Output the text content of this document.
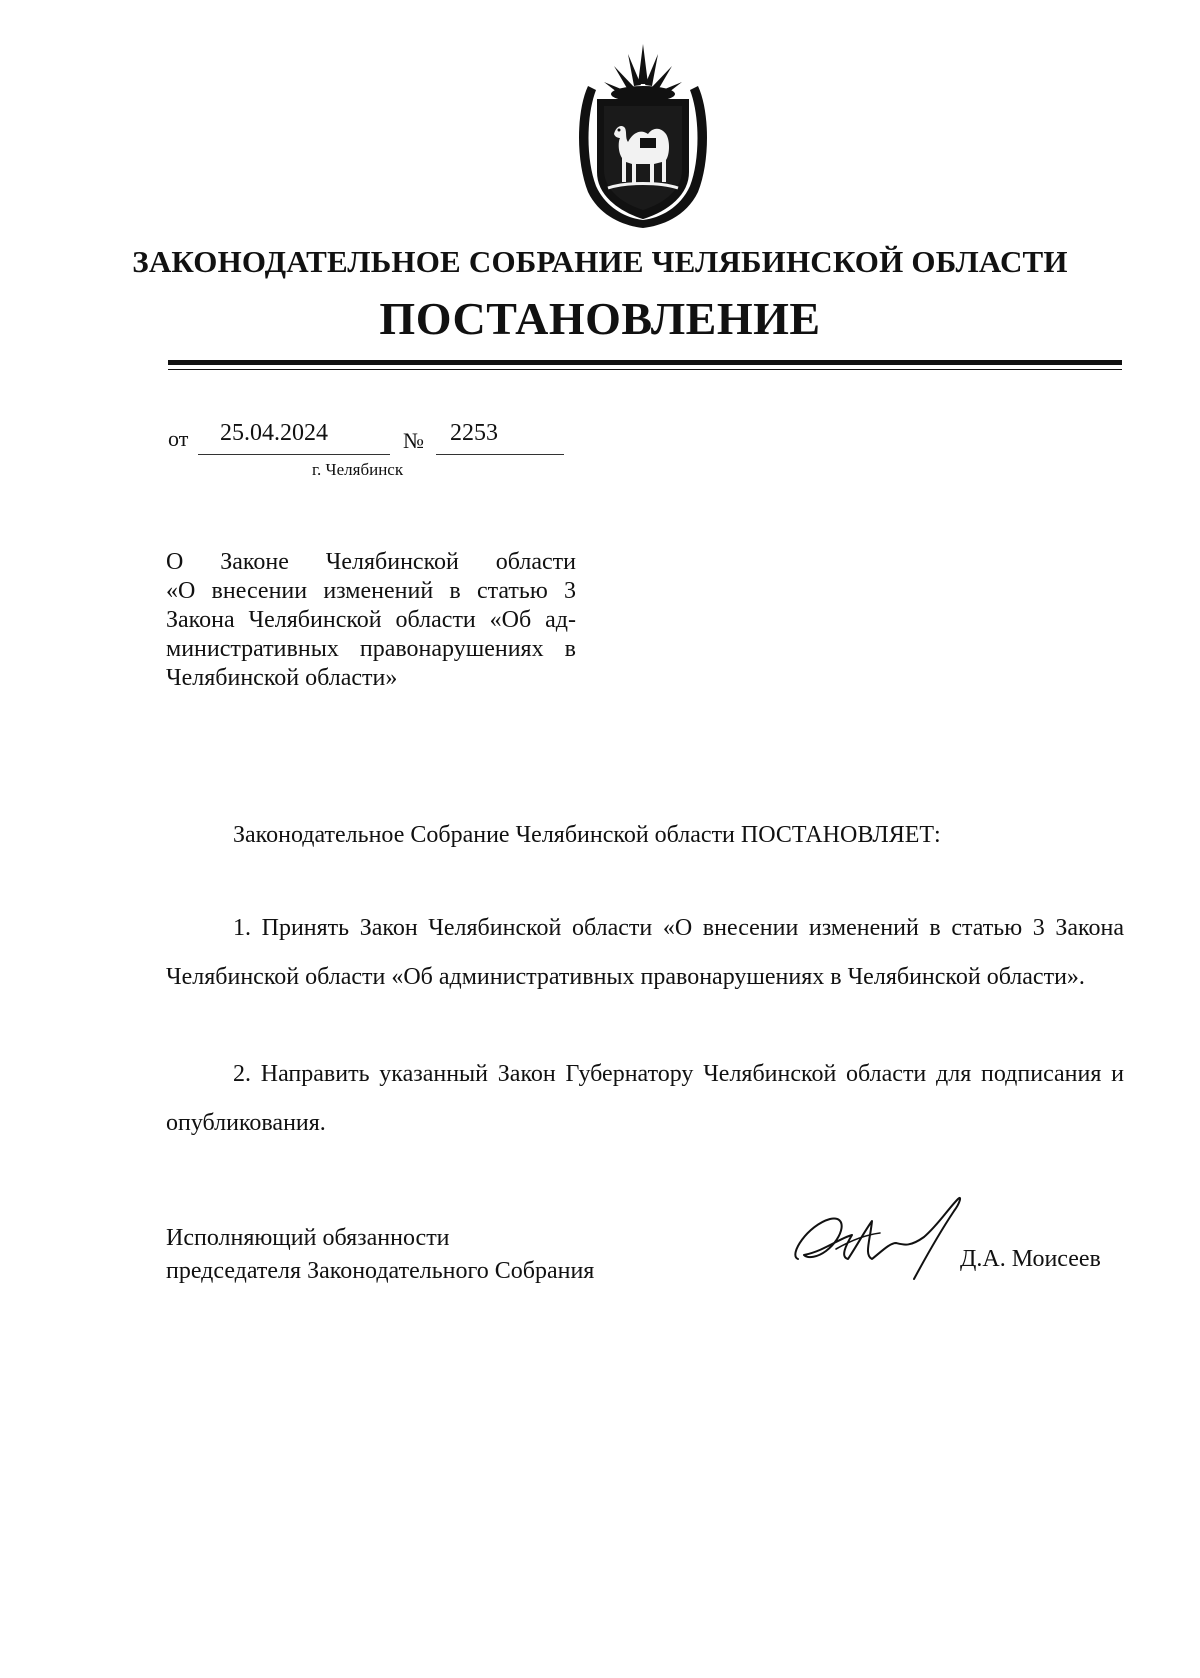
ЗАКОНОДАТЕЛЬНОЕ СОБРАНИЕ ЧЕЛЯБИНСКОЙ ОБЛАСТИ
ПОСТАНОВЛЕНИЕ
от 25.04.2024	№ 2253
г. Челябинск
О Законе Челябинской области
«О внесении изменений в статью 3
Закона Челябинской области «Об ад-
министративных правонарушениях в
Челябинской области»
Законодательное Собрание Челябинской области ПОСТАНОВЛЯЕТ:

1. Принять Закон Челябинской области «О внесении изменений в статью 3 Закона Челябинской области «Об административных правонарушениях в Челябинской области».

2. Направить указанный Закон Губернатору Челябинской области для подписания и опубликования.

Исполняющий обязанности
председателя Законодательного Собрания	Д.А. Моисеев
